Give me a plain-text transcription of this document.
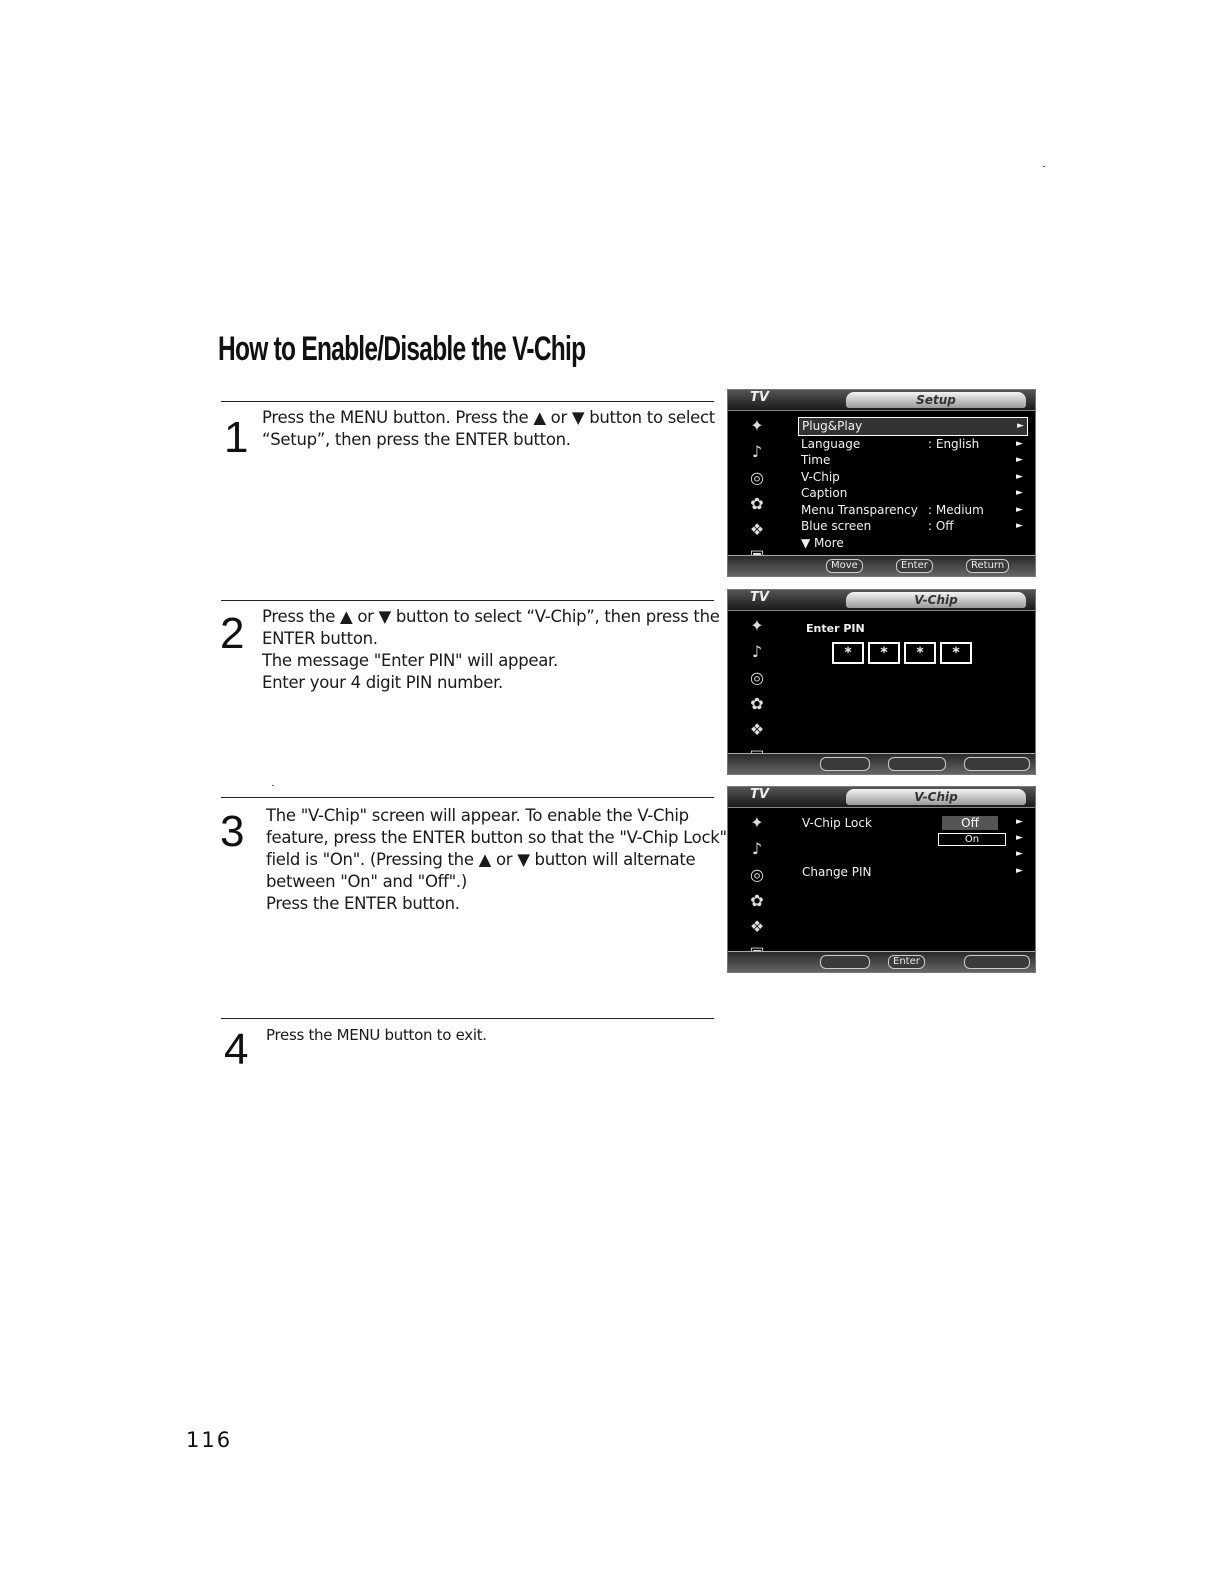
How to Enable/Disable the V-Chip
1 Press the MENU button. Press the ▲ or ▼ button to select
“Setup”, then press the ENTER button.
2 Press the ▲ or ▼ button to select “V-Chip”, then press the
ENTER button.
The message "Enter PIN" will appear.
Enter your 4 digit PIN number.
3 The "V-Chip" screen will appear. To enable the V-Chip
feature, press the ENTER button so that the "V-Chip Lock"
field is "On". (Pressing the ▲ or ▼ button will alternate
between "On" and "Off".)
Press the ENTER button.
4 Press the MENU button to exit.
TV	Setup
✦
♪
◎
✿
❖
Plug&Play	►
Language	: English	►
Time	►
V-Chip	►
Caption	►
Menu Transparency : Medium	►
Blue screen	: Off	►
▼ More
Move	Enter	Return
TV	V-Chip
✦
♪
◎
✿
❖
Enter PIN
* * * *
TV	V-Chip
✦
♪
◎
✿
❖
V-Chip Lock	Off
On
►
►
►
Change PIN	►
Enter
116
